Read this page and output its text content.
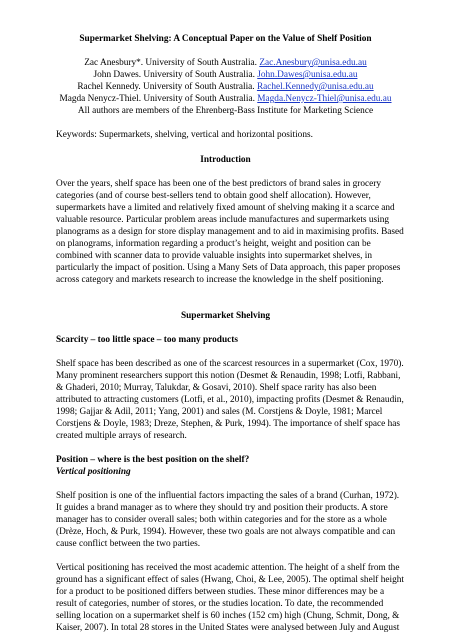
Supermarket Shelving: A Conceptual Paper on the Value of Shelf Position
Zac Anesbury*. University of South Australia. Zac.Anesbury@unisa.edu.au
John Dawes. University of South Australia. John.Dawes@unisa.edu.au
Rachel Kennedy. University of South Australia. Rachel.Kennedy@unisa.edu.au
Magda Nenycz-Thiel. University of South Australia. Magda.Nenycz-Thiel@unisa.edu.au
All authors are members of the Ehrenberg-Bass Institute for Marketing Science
Keywords: Supermarkets, shelving, vertical and horizontal positions.
Introduction
Over the years, shelf space has been one of the best predictors of brand sales in grocery
categories (and of course best-sellers tend to obtain good shelf allocation). However,
supermarkets have a limited and relatively fixed amount of shelving making it a scarce and
valuable resource. Particular problem areas include manufactures and supermarkets using
planograms as a design for store display management and to aid in maximising profits. Based
on planograms, information regarding a product’s height, weight and position can be
combined with scanner data to provide valuable insights into supermarket shelves, in
particularly the impact of position. Using a Many Sets of Data approach, this paper proposes
across category and markets research to increase the knowledge in the shelf positioning.
Supermarket Shelving
Scarcity – too little space – too many products
Shelf space has been described as one of the scarcest resources in a supermarket (Cox, 1970).
Many prominent researchers support this notion (Desmet & Renaudin, 1998; Lotfi, Rabbani,
& Ghaderi, 2010; Murray, Talukdar, & Gosavi, 2010). Shelf space rarity has also been
attributed to attracting customers (Lotfi, et al., 2010), impacting profits (Desmet & Renaudin,
1998; Gajjar & Adil, 2011; Yang, 2001) and sales (M. Corstjens & Doyle, 1981; Marcel
Corstjens & Doyle, 1983; Dreze, Stephen, & Purk, 1994). The importance of shelf space has
created multiple arrays of research.
Position – where is the best position on the shelf?
Vertical positioning
Shelf position is one of the influential factors impacting the sales of a brand (Curhan, 1972).
It guides a brand manager as to where they should try and position their products. A store
manager has to consider overall sales; both within categories and for the store as a whole
(Drèze, Hoch, & Purk, 1994). However, these two goals are not always compatible and can
cause conflict between the two parties.
Vertical positioning has received the most academic attention. The height of a shelf from the
ground has a significant effect of sales (Hwang, Choi, & Lee, 2005). The optimal shelf height
for a product to be positioned differs between studies. These minor differences may be a
result of categories, number of stores, or the studies location. To date, the recommended
selling location on a supermarket shelf is 60 inches (152 cm) high (Chung, Schmit, Dong, &
Kaiser, 2007). In total 28 stores in the United States were analysed between July and August
